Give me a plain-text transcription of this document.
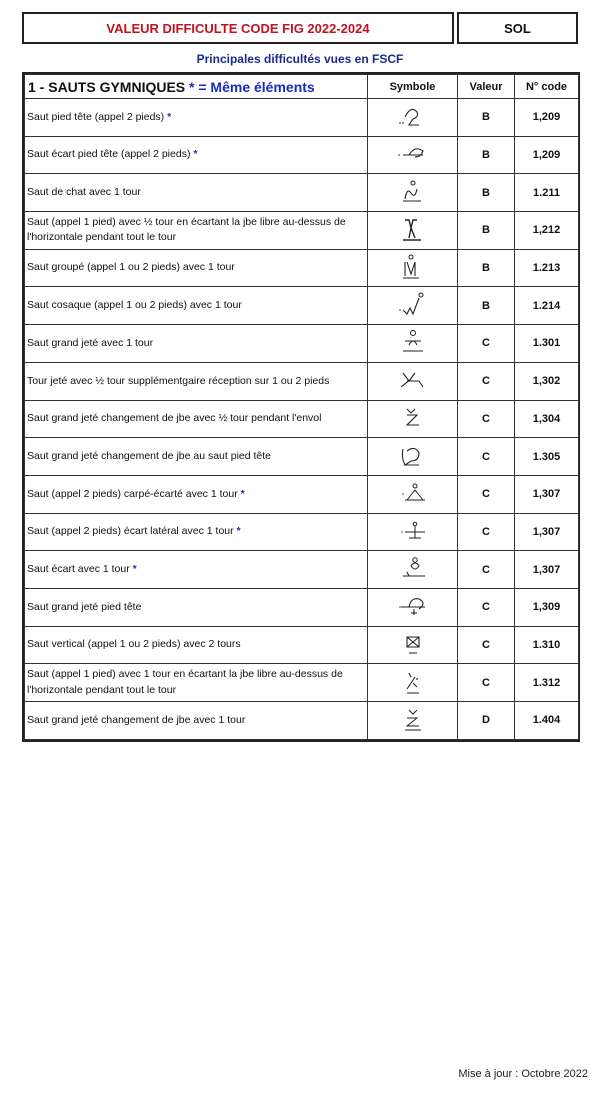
VALEUR DIFFICULTE CODE FIG 2022-2024	SOL
Principales difficultés vues en FSCF
1 - SAUTS GYMNIQUES * = Même éléments	Symbole	Valeur	N° code
Saut pied tête (appel 2 pieds) *		B	1,209
Saut écart pied tête (appel 2 pieds) *		B	1,209
Saut de chat avec 1 tour		B	1.211
Saut (appel 1 pied) avec ½ tour en écartant la jbe libre au-dessus de l'horizontale pendant tout le tour		B	1,212
Saut groupé (appel 1 ou 2 pieds) avec 1 tour		B	1.213
Saut cosaque (appel 1 ou 2 pieds) avec 1 tour		B	1.214
Saut grand jeté avec 1 tour		C	1.301
Tour jeté avec ½ tour supplémentgaire réception sur 1 ou 2 pieds		C	1,302
Saut grand jeté changement de jbe avec ½ tour pendant l'envol		C	1,304
Saut grand jeté changement de jbe au saut pied tête		C	1.305
Saut (appel 2 pieds) carpé-écarté avec 1 tour *		C	1,307
Saut (appel 2 pieds) écart latéral avec 1 tour *		C	1,307
Saut écart avec 1 tour *		C	1,307
Saut grand jeté pied tête		C	1,309
Saut vertical (appel 1 ou 2 pieds) avec 2 tours		C	1.310
Saut (appel 1 pied) avec 1 tour en écartant la jbe libre au-dessus de l'horizontale pendant tout le tour		C	1.312
Saut grand jeté changement de jbe avec 1 tour		D	1.404
Mise à jour : Octobre 2022
